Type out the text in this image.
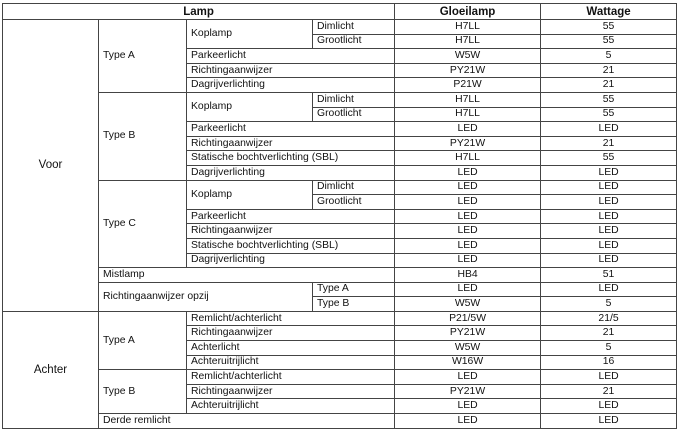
Lamp				Gloeilamp	Wattage
Voor	Type A	Koplamp	Dimlicht	H7LL	55
			Grootlicht	H7LL	55
		Parkeerlicht		W5W	5
		Richtingaanwijzer		PY21W	21
		Dagrijverlichting		P21W	21
	Type B	Koplamp	Dimlicht	H7LL	55
			Grootlicht	H7LL	55
		Parkeerlicht		LED	LED
		Richtingaanwijzer		PY21W	21
		Statische bochtverlichting (SBL)		H7LL	55
		Dagrijverlichting		LED	LED
	Type C	Koplamp	Dimlicht	LED	LED
			Grootlicht	LED	LED
		Parkeerlicht		LED	LED
		Richtingaanwijzer		LED	LED
		Statische bochtverlichting (SBL)		LED	LED
		Dagrijverlichting		LED	LED
	Mistlamp			HB4	51
	Richtingaanwijzer opzij		Type A	LED	LED
			Type B	W5W	5
Achter	Type A	Remlicht/achterlicht		P21/5W	21/5
		Richtingaanwijzer		PY21W	21
		Achterlicht		W5W	5
		Achteruitrijlicht		W16W	16
	Type B	Remlicht/achterlicht		LED	LED
		Richtingaanwijzer		PY21W	21
		Achteruitrijlicht		LED	LED
	Derde remlicht			LED	LED
